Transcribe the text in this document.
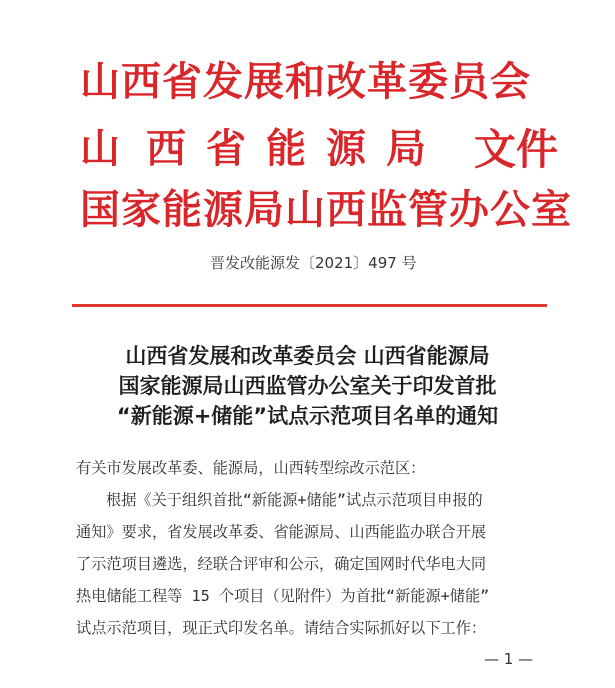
山西省发展和改革委员会
山 西 省 能 源 局	文件
国家能源局山西监管办公室
晋发改能源发〔2021〕497 号
山西省发展和改革委员会 山西省能源局
国家能源局山西监管办公室关于印发首批
“新能源+储能”试点示范项目名单的通知
有关市发展改革委、能源局，山西转型综改示范区：
根据《关于组织首批“新能源+储能”试点示范项目申报的
通知》要求，省发展改革委、省能源局、山西能监办联合开展
了示范项目遴选，经联合评审和公示，确定国网时代华电大同
热电储能工程等 15 个项目（见附件）为首批“新能源+储能”
试点示范项目，现正式印发名单。请结合实际抓好以下工作：
— 1 —
